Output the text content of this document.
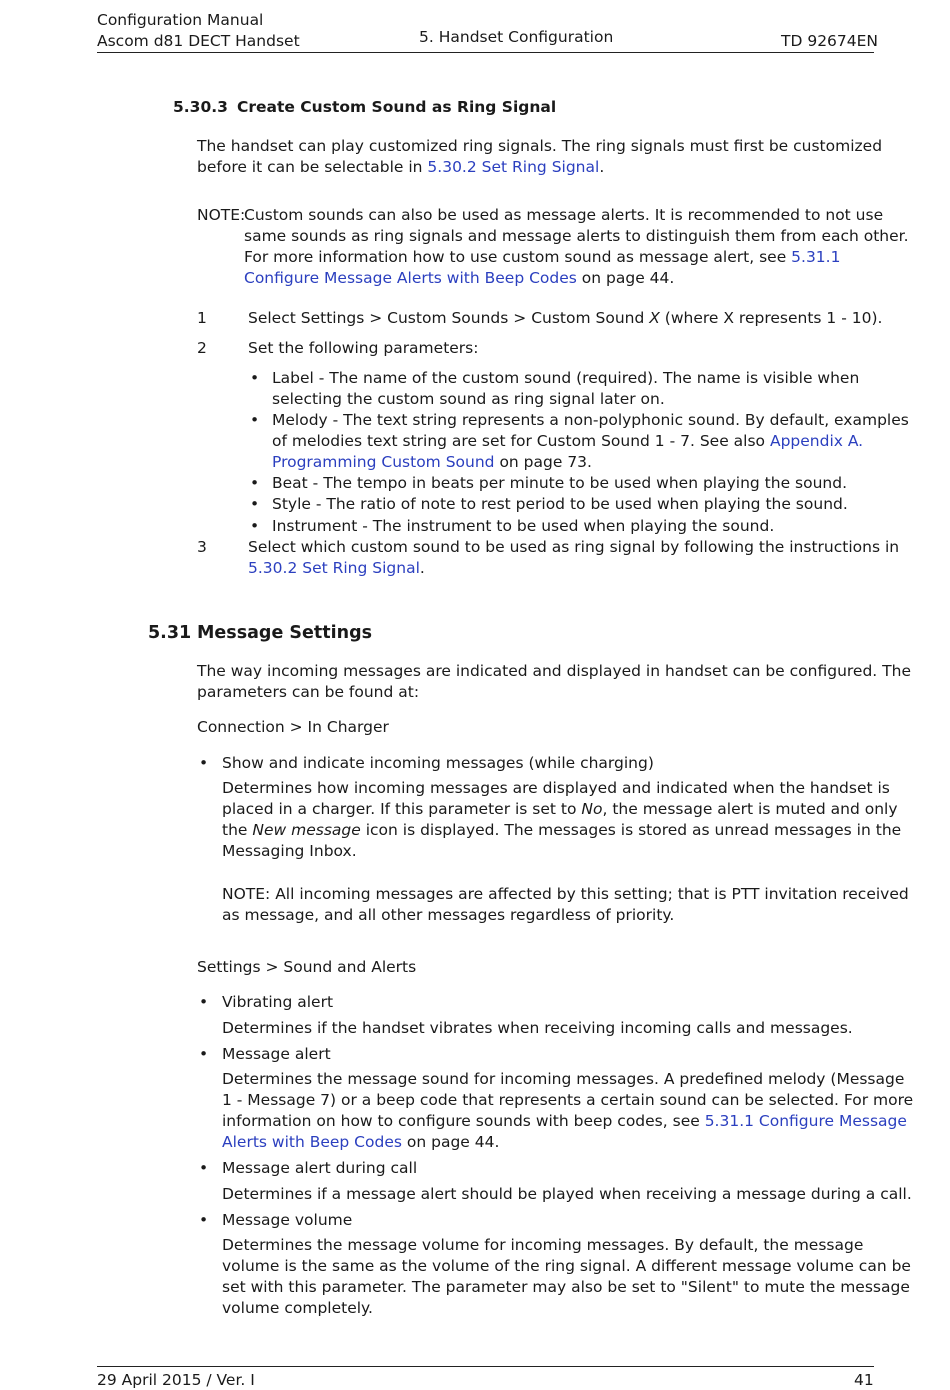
Configuration Manual
Ascom d81 DECT Handset	5. Handset Configuration	TD 92674EN
5.30.3 Create Custom Sound as Ring Signal
The handset can play customized ring signals. The ring signals must first be customized
before it can be selectable in 5.30.2 Set Ring Signal.
NOTE:
Custom sounds can also be used as message alerts. It is recommended to not use
same sounds as ring signals and message alerts to distinguish them from each other.
For more information how to use custom sound as message alert, see 5.31.1
Configure Message Alerts with Beep Codes on page 44.
1	Select Settings > Custom Sounds > Custom Sound X (where X represents 1 - 10).
2	Set the following parameters:
• Label - The name of the custom sound (required). The name is visible when
selecting the custom sound as ring signal later on.
• Melody - The text string represents a non-polyphonic sound. By default, examples
of melodies text string are set for Custom Sound 1 - 7. See also Appendix A.
Programming Custom Sound on page 73.
• Beat - The tempo in beats per minute to be used when playing the sound.
• Style - The ratio of note to rest period to be used when playing the sound.
• Instrument - The instrument to be used when playing the sound.
3	Select which custom sound to be used as ring signal by following the instructions in
5.30.2 Set Ring Signal.
5.31 Message Settings
The way incoming messages are indicated and displayed in handset can be configured. The
parameters can be found at:
Connection > In Charger
• Show and indicate incoming messages (while charging)
Determines how incoming messages are displayed and indicated when the handset is
placed in a charger. If this parameter is set to No, the message alert is muted and only
the New message icon is displayed. The messages is stored as unread messages in the
Messaging Inbox.
NOTE: All incoming messages are affected by this setting; that is PTT invitation received
as message, and all other messages regardless of priority.
Settings > Sound and Alerts
• Vibrating alert
Determines if the handset vibrates when receiving incoming calls and messages.
• Message alert
Determines the message sound for incoming messages. A predefined melody (Message
1 - Message 7) or a beep code that represents a certain sound can be selected. For more
information on how to configure sounds with beep codes, see 5.31.1 Configure Message
Alerts with Beep Codes on page 44.
• Message alert during call
Determines if a message alert should be played when receiving a message during a call.
• Message volume
Determines the message volume for incoming messages. By default, the message
volume is the same as the volume of the ring signal. A different message volume can be
set with this parameter. The parameter may also be set to "Silent" to mute the message
volume completely.
29 April 2015 / Ver. I	41
